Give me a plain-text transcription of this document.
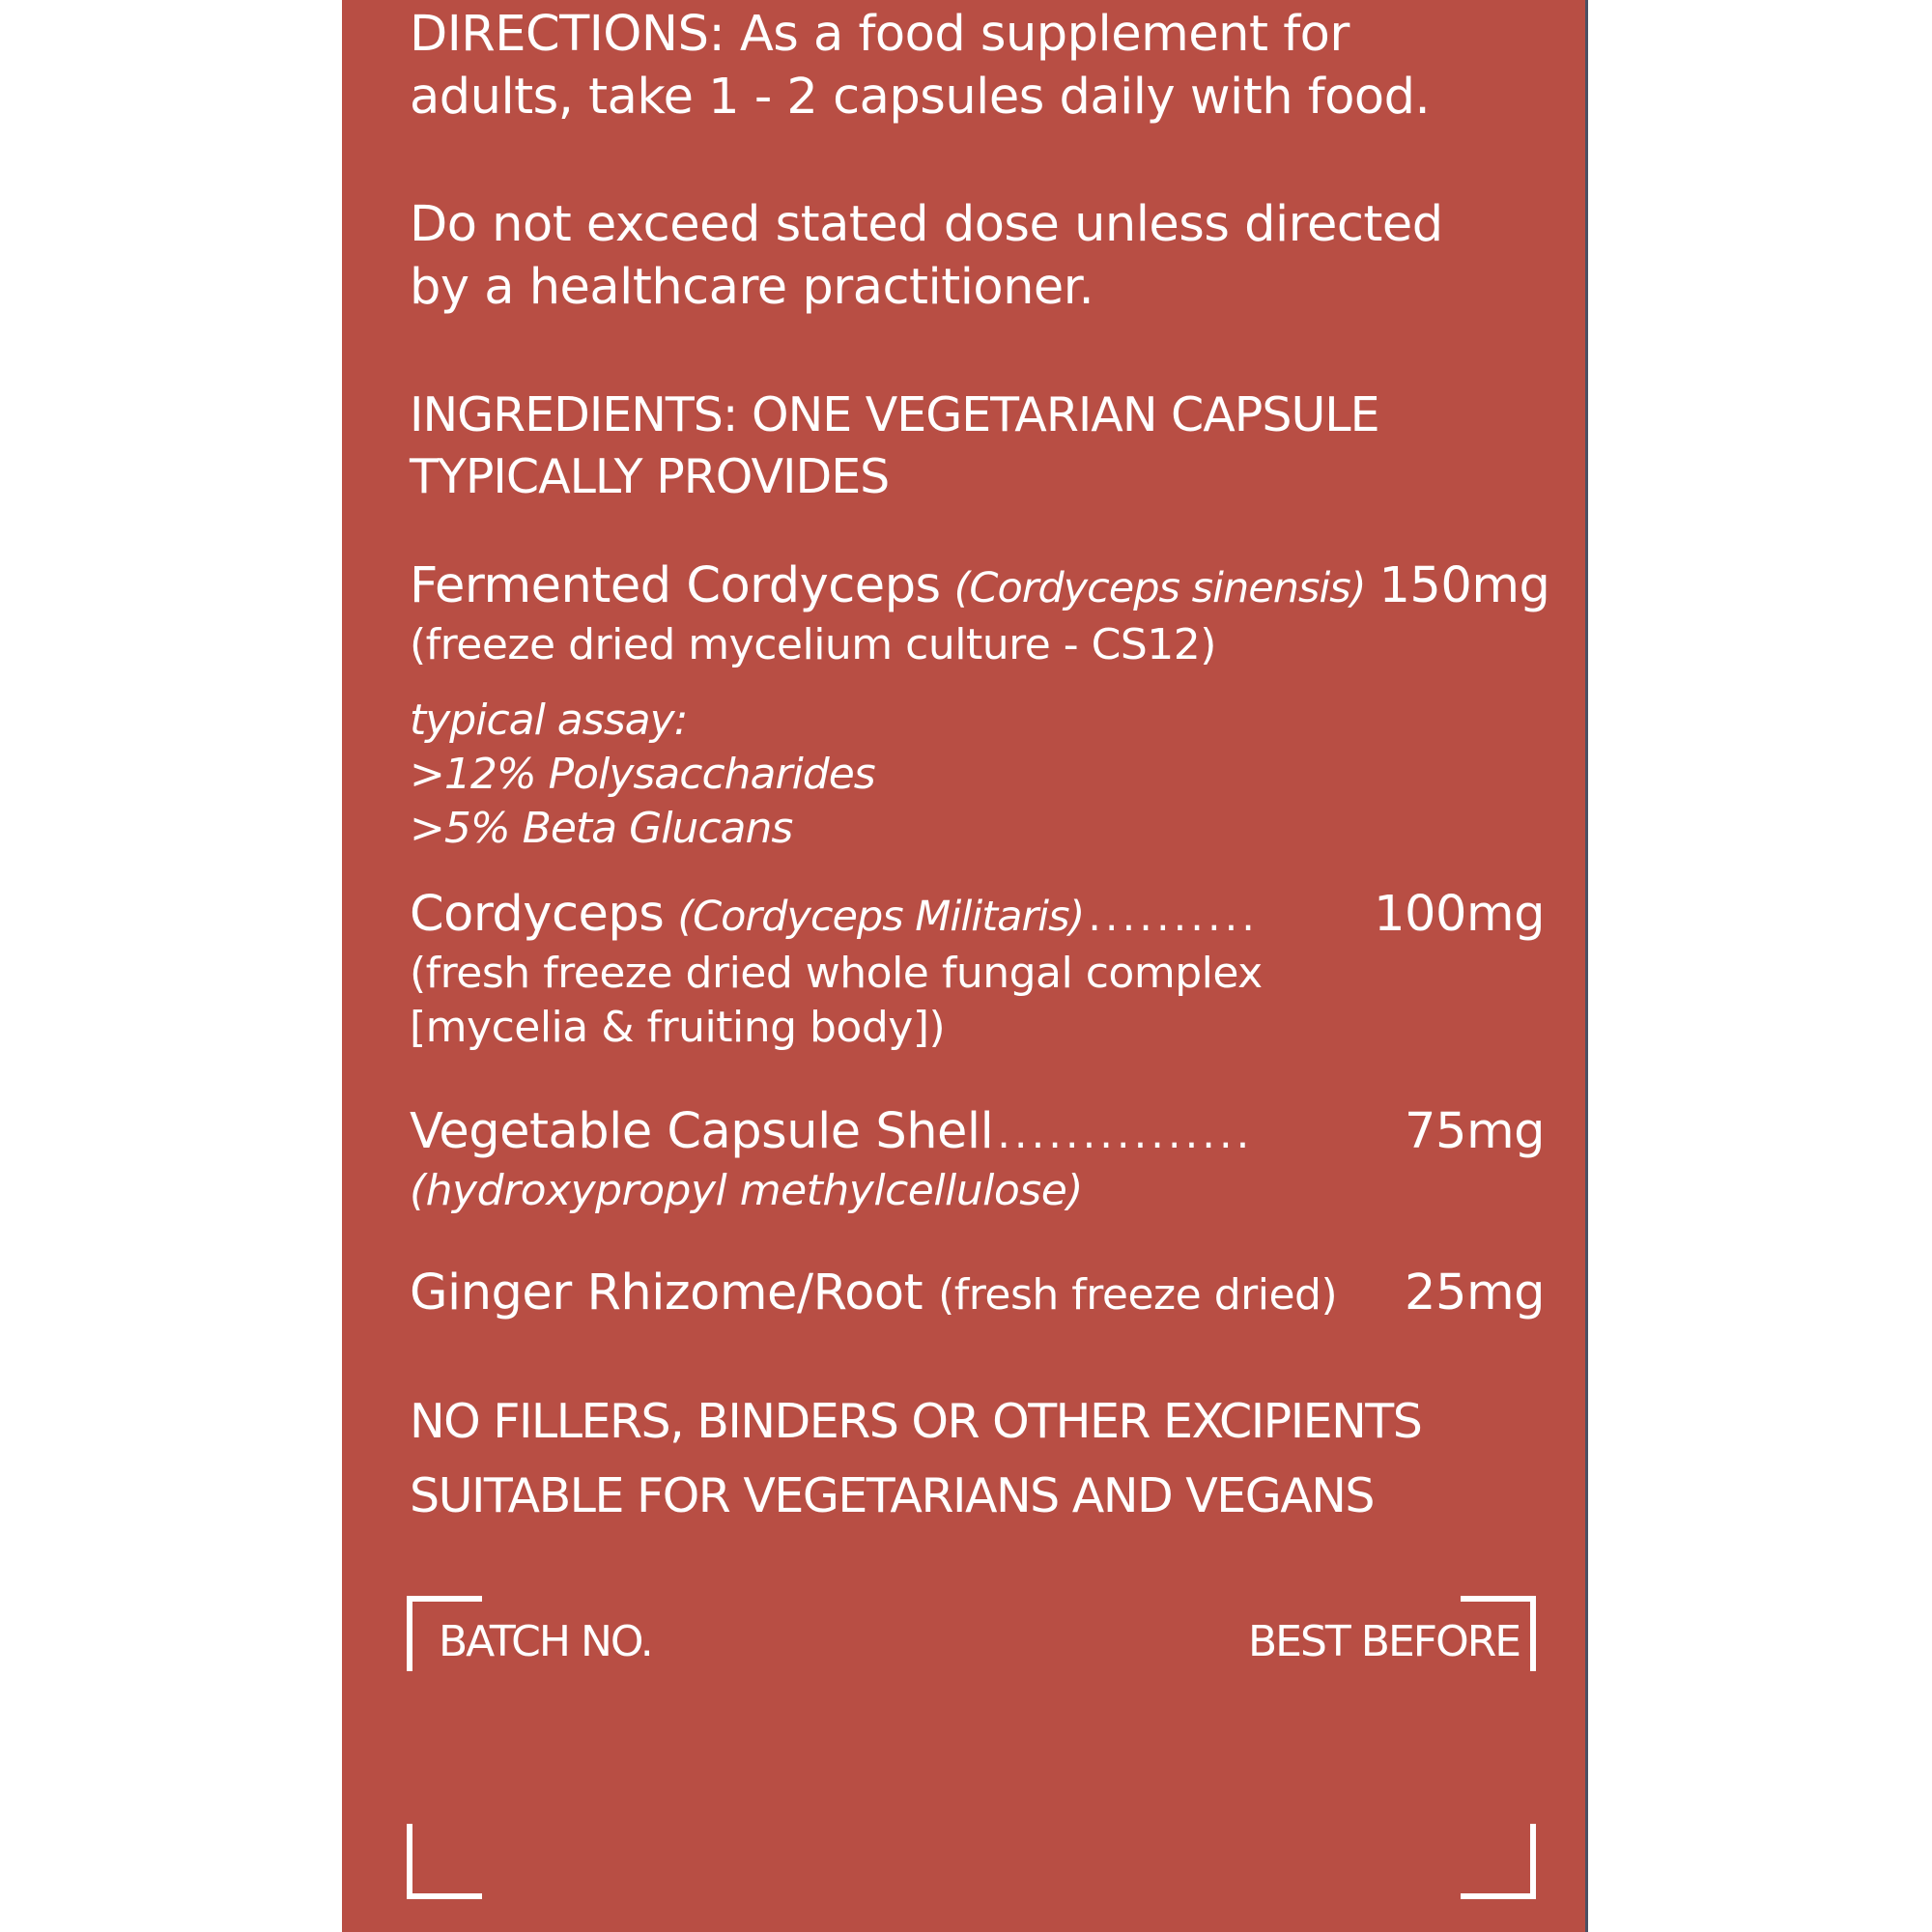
DIRECTIONS: As a food supplement for
adults, take 1 - 2 capsules daily with food.
Do not exceed stated dose unless directed
by a healthcare practitioner.
INGREDIENTS: ONE VEGETARIAN CAPSULE
TYPICALLY PROVIDES
Fermented Cordyceps (Cordyceps sinensis) 150mg
(freeze dried mycelium culture - CS12)
typical assay:
>12% Polysaccharides
>5% Beta Glucans
Cordyceps (Cordyceps Militaris) ..........	100mg
(fresh freeze dried whole fungal complex
[mycelia & fruiting body])
Vegetable Capsule Shell ...............	75mg
(hydroxypropyl methylcellulose)
Ginger Rhizome/Root (fresh freeze dried) 25mg
NO FILLERS, BINDERS OR OTHER EXCIPIENTS
SUITABLE FOR VEGETARIANS AND VEGANS
BATCH NO.	BEST BEFORE
